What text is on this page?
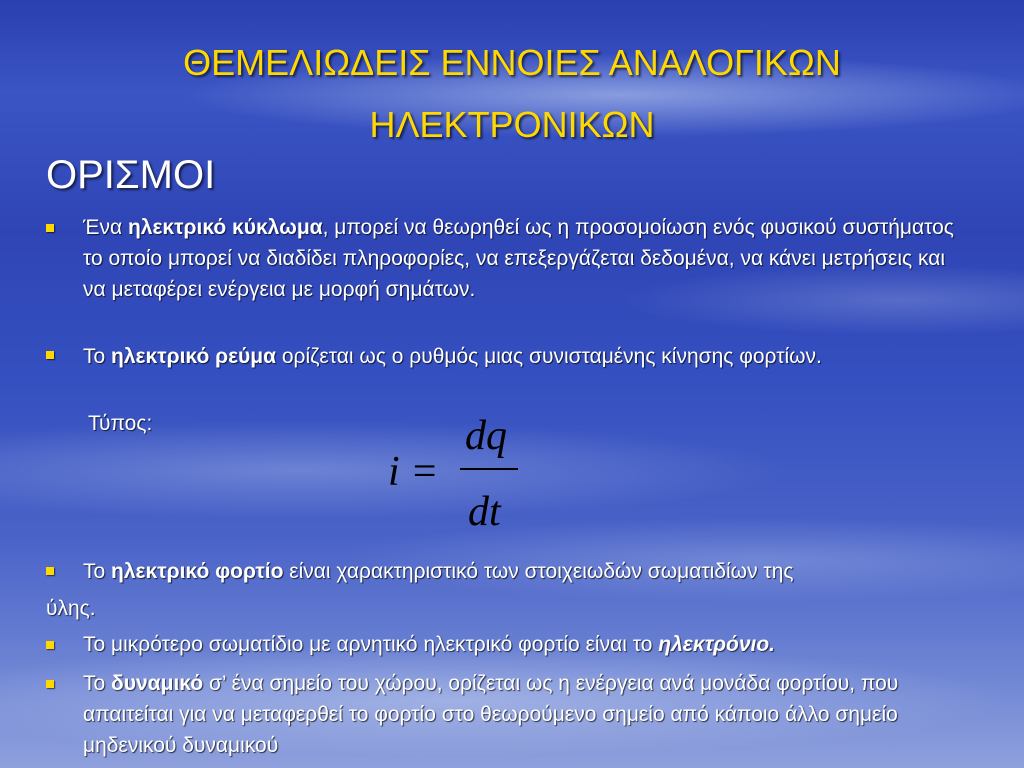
ΘΕΜΕΛΙΩΔΕΙΣ ΕΝΝΟΙΕΣ ΑΝΑΛΟΓΙΚΩΝ
ΗΛΕΚΤΡΟΝΙΚΩΝ
ΟΡΙΣΜΟΙ
Ένα ηλεκτρικό κύκλωμα, μπορεί να θεωρηθεί ως η προσομοίωση ενός φυσικού συστήματος το οποίο μπορεί να διαδίδει πληροφορίες, να επεξεργάζεται δεδομένα, να κάνει μετρήσεις και να μεταφέρει ενέργεια με μορφή σημάτων.
Το ηλεκτρικό ρεύμα ορίζεται ως ο ρυθμός μιας συνισταμένης κίνησης φορτίων.
Τύπος:
i =
dq
dt
Το ηλεκτρικό φορτίο είναι χαρακτηριστικό των στοιχειωδών σωματιδίων της
ύλης.
Το μικρότερο σωματίδιο με αρνητικό ηλεκτρικό φορτίο είναι το ηλεκτρόνιο.
Το δυναμικό σ’ ένα σημείο του χώρου, ορίζεται ως η ενέργεια ανά μονάδα φορτίου, που απαιτείται για να μεταφερθεί το φορτίο στο θεωρούμενο σημείο από κάποιο άλλο σημείο μηδενικού δυναμικού
